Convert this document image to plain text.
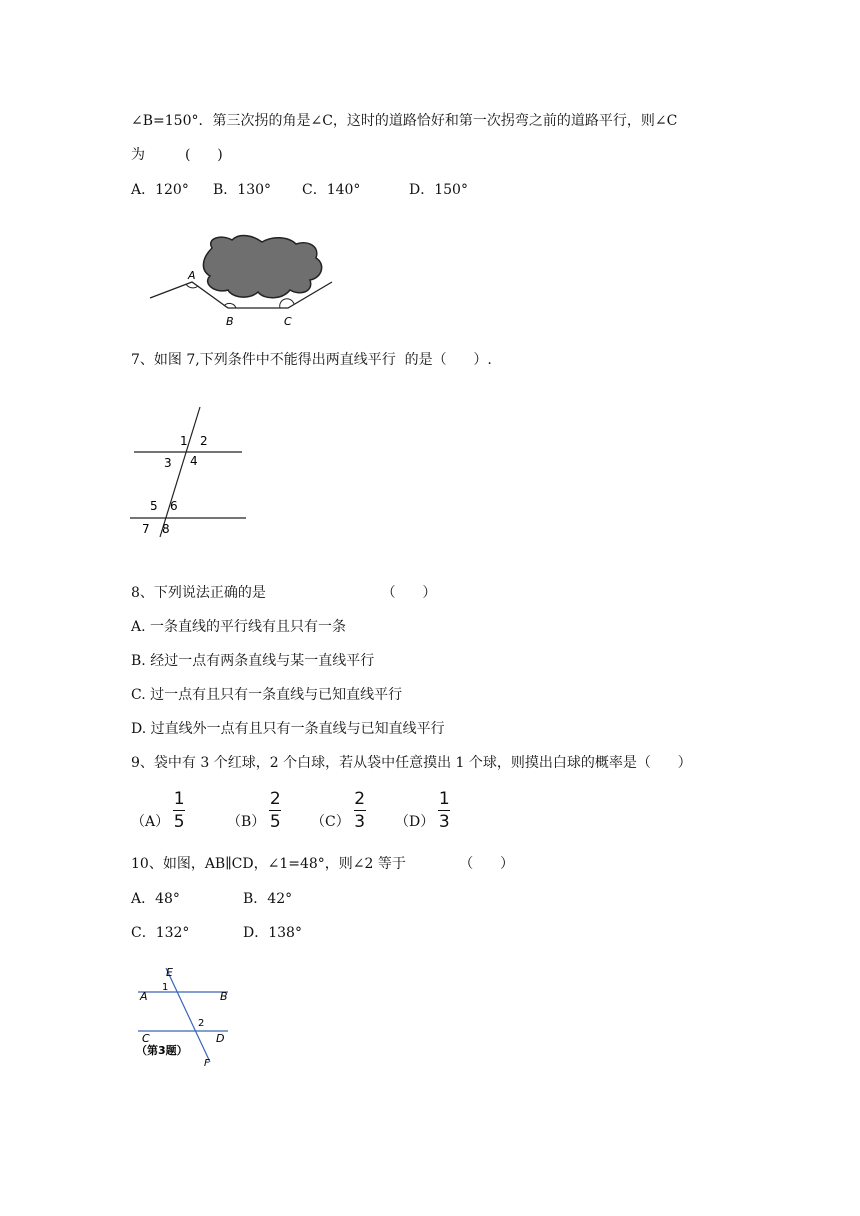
∠B=150°．第三次拐的角是∠C，这时的道路恰好和第一次拐弯之前的道路平行，则∠C
为         (      )
A．120° B．130° C．140°	D．150°
A
B	C
7、如图 7,下列条件中不能得出两直线平行  的是（      ）.
1 2
3 4
5 6
7 8
8、下列说法正确的是                          （      ）
A. 一条直线的平行线有且只有一条
B. 经过一点有两条直线与某一直线平行
C. 过一点有且只有一条直线与已知直线平行
D. 过直线外一点有且只有一条直线与已知直线平行
9、袋中有 3 个红球，2 个白球，若从袋中任意摸出 1 个球，则摸出白球的概率是（      ）
（A）
1
5	（B）
2
5 （C）
2
3 （D）
1
3
10、如图，AB∥CD，∠1=48°，则∠2 等于            （      ）
A．48°	B．42°
C．132°	D．138°
E
A	B
1
2
C	D
（第3题）
F
